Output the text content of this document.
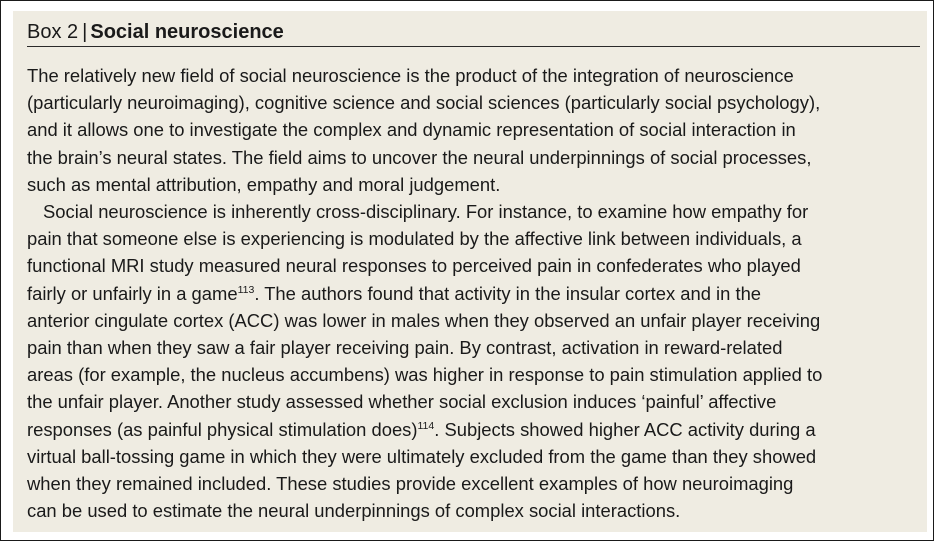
Box 2 | Social neuroscience
The relatively new field of social neuroscience is the product of the integration of neuroscience
(particularly neuroimaging), cognitive science and social sciences (particularly social psychology),
and it allows one to investigate the complex and dynamic representation of social interaction in
the brain’s neural states. The field aims to uncover the neural underpinnings of social processes,
such as mental attribution, empathy and moral judgement.
Social neuroscience is inherently cross-disciplinary. For instance, to examine how empathy for
pain that someone else is experiencing is modulated by the affective link between individuals, a
functional MRI study measured neural responses to perceived pain in confederates who played
fairly or unfairly in a game$^{113}$. The authors found that activity in the insular cortex and in the
anterior cingulate cortex (ACC) was lower in males when they observed an unfair player receiving
pain than when they saw a fair player receiving pain. By contrast, activation in reward-related
areas (for example, the nucleus accumbens) was higher in response to pain stimulation applied to
the unfair player. Another study assessed whether social exclusion induces ‘painful’ affective
responses (as painful physical stimulation does)$^{114}$. Subjects showed higher ACC activity during a
virtual ball-tossing game in which they were ultimately excluded from the game than they showed
when they remained included. These studies provide excellent examples of how neuroimaging
can be used to estimate the neural underpinnings of complex social interactions.
